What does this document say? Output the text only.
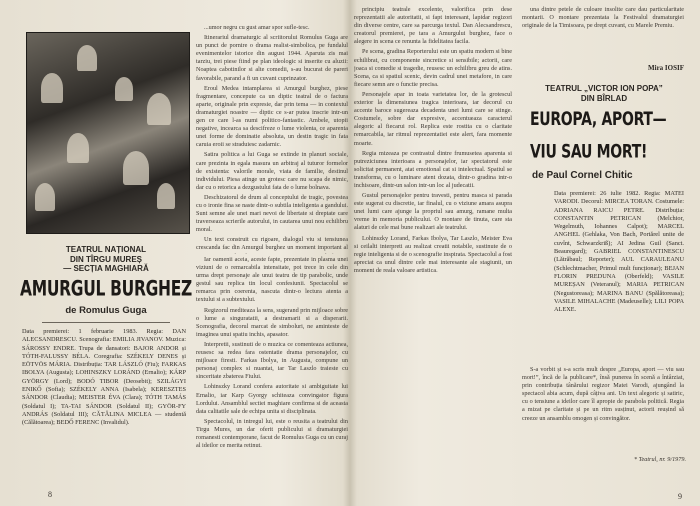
...umor negru cu gust amar spor sufle-tesc.

Itinerariul dramaturgic al scriitorului Romulus Guga are un punct de pornire o drama realist-simbolica, pe fundalul evenimentelor istorice din august 1944. Aparuta zis mai tarziu, trei piese fiind pe plan ideologic si inserite cu aluzii: Noaptea cabotinilor si alte comedii, s-au bucurat de pareri favorabile, parand a fi un cuvant cuprinzator.

Eroul Medea intamplarea si Amurgul burghez, piese fragmentare, concepute ca un diptic teatral de o factura aparte, originale prin expresie, dar prin tema — in contextul dramaturgiei noastre — diptic ce s-ar putea inscrie intr-un gen ce care l-as numi politico-fantastic. Ambele, utopii negative, incearca sa descifreze o lume violenta, ce aparenta unei forme de dominatie absoluta, un destin tragic in fata caruia eroii se straduiesc zadarnic.

Satira politica a lui Guga se extinde in planuri sociale, care prezinta in egala masura un arbitraj al tuturor formelor de existenta: valorile morale, viata de familie, destinul individului. Piesa atinge un grotesc care nu scapa de nimic, dar cu o retorica a dezgustului fata de o lume bolnava.

Deschizatorul de drum al conceptului de tragic, povestea cu o ironie fina se naste dintr-o subtila inteligenta a gandului. Sunt semne ale unei mari nevoi de libertate si dreptate care traverseaza scrierile autorului, in cautarea unui nou echilibru moral.

Un text construit cu rigoare, dialogul viu si tensiunea crescanda fac din Amurgul burghez un moment important al

TEATRUL NAȚIONAL
DIN TÎRGU MUREȘ
— SECȚIA MAGHIARĂ
AMURGUL BURGHEZ
de Romulus Guga
Data premierei: 1 februarie 1983. Regia: DAN ALECSANDRESCU. Scenografia: EMILIA JIVANOV. Muzica: SÁROSSY ENDRE. Trupa de dansatori: BAJOR ANDOR și TÓTH-FALUSSY BÉLA. Coregrafia: SZÉKELY DENES și EÖTVÖS MÁRIA. Distribuția: TAR LÁSZLÓ (Fiu); FARKAS IBOLYA (Augusta); LOHINSZKY LORÁND (Ernalio); KÁRP GYÖRGY (Lord); BODÓ TIBOR (Deosebit); SZILÁGYI ENIKŐ (Sofia); SZÉKELY ANNA (Isabela); KERESZTES SÁNDOR (Claudia); MEISTER ÉVA (Clara); TÓTH TAMÁS (Soldatul I); TA-TAI SÁNDOR (Soldatul II); GYÖR-FY ANDRÁS (Soldatul III); CĂTĂLINA MICLEA — studentă (Călătoarea); BEDŐ FERENC (Invalidul).

Iar oamenii aceia, aceste fapte, prezentate in plasma unei viziuni de o remarcabila intensitate, pot trece in cele din urma drept personaje ale unui teatru de tip parabolic, unde gestul sau replica tin locul confesiunii. Spectacolul se remarca prin coerenta, nascuta dintr-o lectura atenta a textului si a subtextului.

Regizorul mediteaza la sens, sugerand prin mijloace sobre o lume a singuratatii, a destramarii si a disperarii. Scenografia, decorul marcat de simboluri, ne aminteste de imaginea unui spatiu inchis, apasator.

Interpretii, sustinuti de o muzica ce comenteaza actiunea, reusesc sa redea fara ostentatie drama personajelor, cu mijloace firesti. Farkas Ibolya, in Augusta, compune un personaj complex si nuantat, iar Tar Laszlo traieste cu sinceritate zbaterea Fiului.

Lohinszky Lorand confera autoritate si ambiguitate lui Ernalio, iar Karp Gyorgy schiteaza convingator figura Lordului. Ansamblul sectiei maghiare confirma si de aceasta data calitatile sale de echipa unita si disciplinata.

Spectacolul, in intregul lui, este o reusita a teatrului din Tirgu Mures, un dar oferit publicului si dramaturgiei romanesti contemporane, facut de Romulus Guga cu un curaj al ideilor ce merita retinut.

8

principiu teatrale excelente, valorifica prin dese reprezentatii ale autoritatii, si fapt interesant, lapidar regizori din diverse centre, care sa parcurga textul. Dan Alecsandrescu, creatorul premierei, pe tara a Amurgului burghez, face o alegere in scena ce renunta la fidelitatea facila.

Pe scena, gradina Reporterului este un spatiu modern si bine echilibrat, cu componente sincretice si sensibile; actorii, care joaca si comedie si tragedie, reusesc un echilibru greu de atins. Scena, ca si spatiul scenic, devin cadrul unei metafore, in care fiecare semn are o functie precisa.

Personajele apar in toata varietatea lor, de la grotescul exterior la dimensiunea tragica interioara, iar decorul cu accente baroce sugereaza decadenta unei lumi care se stinge. Costumele, sobre dar expresive, accentueaza caracterul alegoric al fiecarui rol. Replica este rostita cu o claritate remarcabila, iar ritmul reprezentatiei este alert, fara momente moarte.

Regia mizeaza pe contrastul dintre frumusetea aparenta si putreziciunea interioara a personajelor, iar spectatorul este solicitat permanent, atat emotional cat si intelectual. Spatiul se transforma, cu o luminare atent dozata, dintr-o gradina intr-o inchisoare, dintr-un salon intr-un loc al judecatii.

Gustul personajelor pentru travesti, pentru masca si parada este sugerat cu discretie, iar finalul, cu o viziune amara asupra unei lumi care ajunge la propriul sau amurg, ramane multa vreme in memoria publicului. O montare de tinuta, care sta alaturi de cele mai bune realizari ale teatrului.

Lohinszky Lorand, Farkas Ibolya, Tar Laszlo, Meister Eva si ceilalti interpreti au realizat creatii notabile, sustinute de o regie inteligenta si de o scenografie inspirata. Spectacolul a fost apreciat ca unul dintre cele mai interesante ale stagiunii, un moment de reala valoare artistica.

una dintre petele de culoare insolite care dau particularitate montarii. O montare prezentata la Festivalul dramaturgiei originale de la Timisoara, pe drept cuvant, cu Marele Premiu.

Mira IOSIF
TEATRUL „VICTOR ION POPA”
DIN BÎRLAD
EUROPA, APORT—VIU SAU MORT!
de Paul Cornel Chitic
Data premierei: 26 iulie 1982. Regia: MATEI VARODI. Decorul: MIRCEA TORAN. Costumele: ADRIANA RAICU PETRE. Distribuția: CONSTANTIN PETRICAN (Melchior, Wegelmuth, Iohannes Calpot); MARCEL ANGHEL (Gehlaka, Von Bach, Portărel unite de cuvînt, Schwarzkriß); AI Jedina Guil (Sanct. Beauregard); GABRIEL CONSTANTINESCU (Lătrăbaul; Reporter); AUL CARAULEANU (Schlechtmacher, Primul mult funcționar); BEJAN FLORIN PREDUNA (Oberfeld); VASILE MUREȘAN (Veteranul); MARIA PETRICAN (Negustoreasa); MARINA BANU (Spălătoreasa); VASILE MIHALACHE (Madeuselle); LILI POPA ALEXE.

S-a vorbit și s-a scris mult despre „Europa, aport — viu sau mort!”, încă de la publicare*, însă punerea în scenă a întârziat, prin contribuția tânărului regizor Matei Varodi, ajungând la spectacol abia acum, după câțiva ani. Un text alegoric și satiric, cu o tensiune a ideilor care îl apropie de parabola politică. Regia a mizat pe claritate și pe un ritm susținut, actorii reușind să creeze un ansamblu omogen și convingător.

* Teatrul, nr. 9/1979.
9
